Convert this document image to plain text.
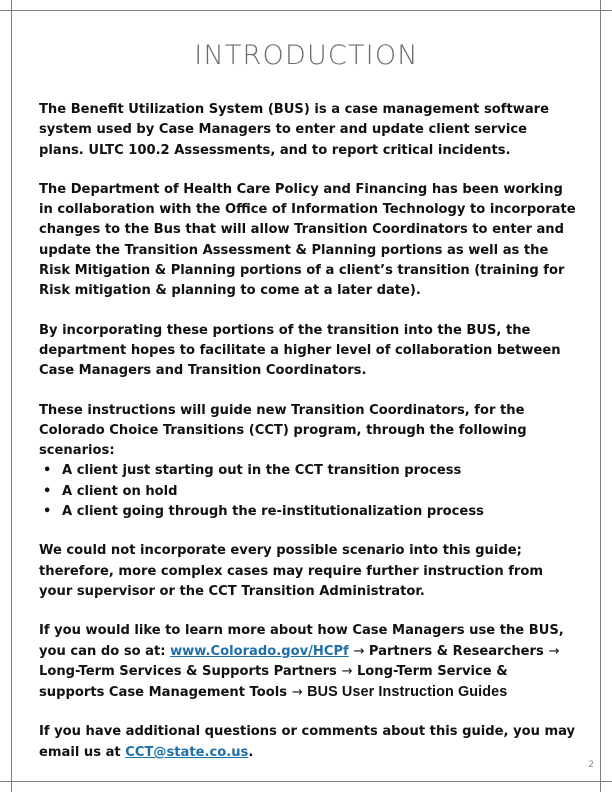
INTRODUCTION

The Benefit Utilization System (BUS) is a case management software system used by Case Managers to enter and update client service plans. ULTC 100.2 Assessments, and to report critical incidents.

The Department of Health Care Policy and Financing has been working in collaboration with the Office of Information Technology to incorporate changes to the Bus that will allow Transition Coordinators to enter and update the Transition Assessment & Planning portions as well as the Risk Mitigation & Planning portions of a client’s transition (training for Risk mitigation & planning to come at a later date).

By incorporating these portions of the transition into the BUS, the department hopes to facilitate a higher level of collaboration between Case Managers and Transition Coordinators.

These instructions will guide new Transition Coordinators, for the Colorado Choice Transitions (CCT) program, through the following scenarios:

• A client just starting out in the CCT transition process
• A client on hold
• A client going through the re-institutionalization process

We could not incorporate every possible scenario into this guide; therefore, more complex cases may require further instruction from your supervisor or the CCT Transition Administrator.

If you would like to learn more about how Case Managers use the BUS, you can do so at: www.Colorado.gov/HCPf → Partners & Researchers → Long-Term Services & Supports Partners → Long-Term Service & supports Case Management Tools → BUS User Instruction Guides

If you have additional questions or comments about this guide, you may email us at CCT@state.co.us.

2
